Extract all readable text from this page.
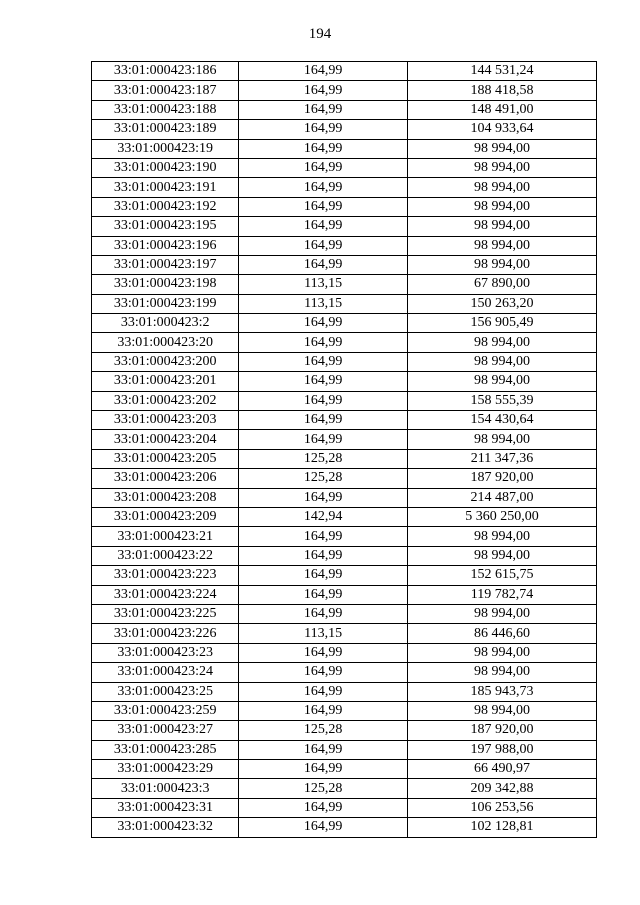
194
33:01:000423:186	164,99	144 531,24
33:01:000423:187	164,99	188 418,58
33:01:000423:188	164,99	148 491,00
33:01:000423:189	164,99	104 933,64
33:01:000423:19	164,99	98 994,00
33:01:000423:190	164,99	98 994,00
33:01:000423:191	164,99	98 994,00
33:01:000423:192	164,99	98 994,00
33:01:000423:195	164,99	98 994,00
33:01:000423:196	164,99	98 994,00
33:01:000423:197	164,99	98 994,00
33:01:000423:198	113,15	67 890,00
33:01:000423:199	113,15	150 263,20
33:01:000423:2	164,99	156 905,49
33:01:000423:20	164,99	98 994,00
33:01:000423:200	164,99	98 994,00
33:01:000423:201	164,99	98 994,00
33:01:000423:202	164,99	158 555,39
33:01:000423:203	164,99	154 430,64
33:01:000423:204	164,99	98 994,00
33:01:000423:205	125,28	211 347,36
33:01:000423:206	125,28	187 920,00
33:01:000423:208	164,99	214 487,00
33:01:000423:209	142,94	5 360 250,00
33:01:000423:21	164,99	98 994,00
33:01:000423:22	164,99	98 994,00
33:01:000423:223	164,99	152 615,75
33:01:000423:224	164,99	119 782,74
33:01:000423:225	164,99	98 994,00
33:01:000423:226	113,15	86 446,60
33:01:000423:23	164,99	98 994,00
33:01:000423:24	164,99	98 994,00
33:01:000423:25	164,99	185 943,73
33:01:000423:259	164,99	98 994,00
33:01:000423:27	125,28	187 920,00
33:01:000423:285	164,99	197 988,00
33:01:000423:29	164,99	66 490,97
33:01:000423:3	125,28	209 342,88
33:01:000423:31	164,99	106 253,56
33:01:000423:32	164,99	102 128,81
